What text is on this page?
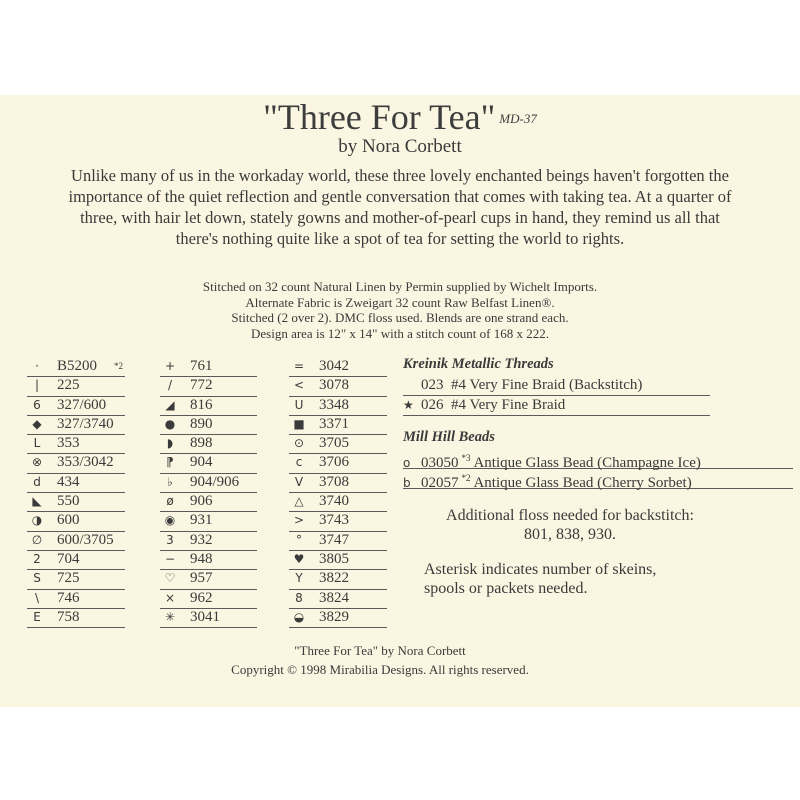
"Three For Tea" MD-37
by Nora Corbett
Unlike many of us in the workaday world, these three lovely enchanted beings haven't forgotten the importance of the quiet reflection and gentle conversation that comes with taking tea. At a quarter of three, with hair let down, stately gowns and mother-of-pearl cups in hand, they remind us all that there's nothing quite like a spot of tea for setting the world to rights.
Stitched on 32 count Natural Linen by Permin supplied by Wichelt Imports.
Alternate Fabric is Zweigart 32 count Raw Belfast Linen®.
Stitched (2 over 2). DMC floss used. Blends are one strand each.
Design area is 12" x 14" with a stitch count of 168 x 222.
·	B5200 *2
|	225
6	327/600
◆	327/3740
L	353
⊗ 353/3042
d	434
◣	550
◑ 600
∅ 600/3705
2	704
S	725
\	746
E	758
+ 761
/	772
◢	816
● 890
◗	898
⁋	904
♭	904/906
ø	906
◉ 931
3	932
− 948
♡ 957
× 962
✳ 3041
= 3042
< 3078
U	3348
■ 3371
⊙ 3705
c	3706
V	3708
△	3740
> 3743
°	3747
♥ 3805
Y	3822
8	3824
◒ 3829
Kreinik Metallic Threads
023 #4 Very Fine Braid (Backstitch)
★ 026 #4 Very Fine Braid
Mill Hill Beads
o 03050 $^{*3}$ Antique Glass Bead (Champagne Ice)
b 02057 $^{*2}$ Antique Glass Bead (Cherry Sorbet)
Additional floss needed for backstitch:
801, 838, 930.
Asterisk indicates number of skeins,
spools or packets needed.
"Three For Tea" by Nora Corbett
Copyright © 1998 Mirabilia Designs. All rights reserved.
